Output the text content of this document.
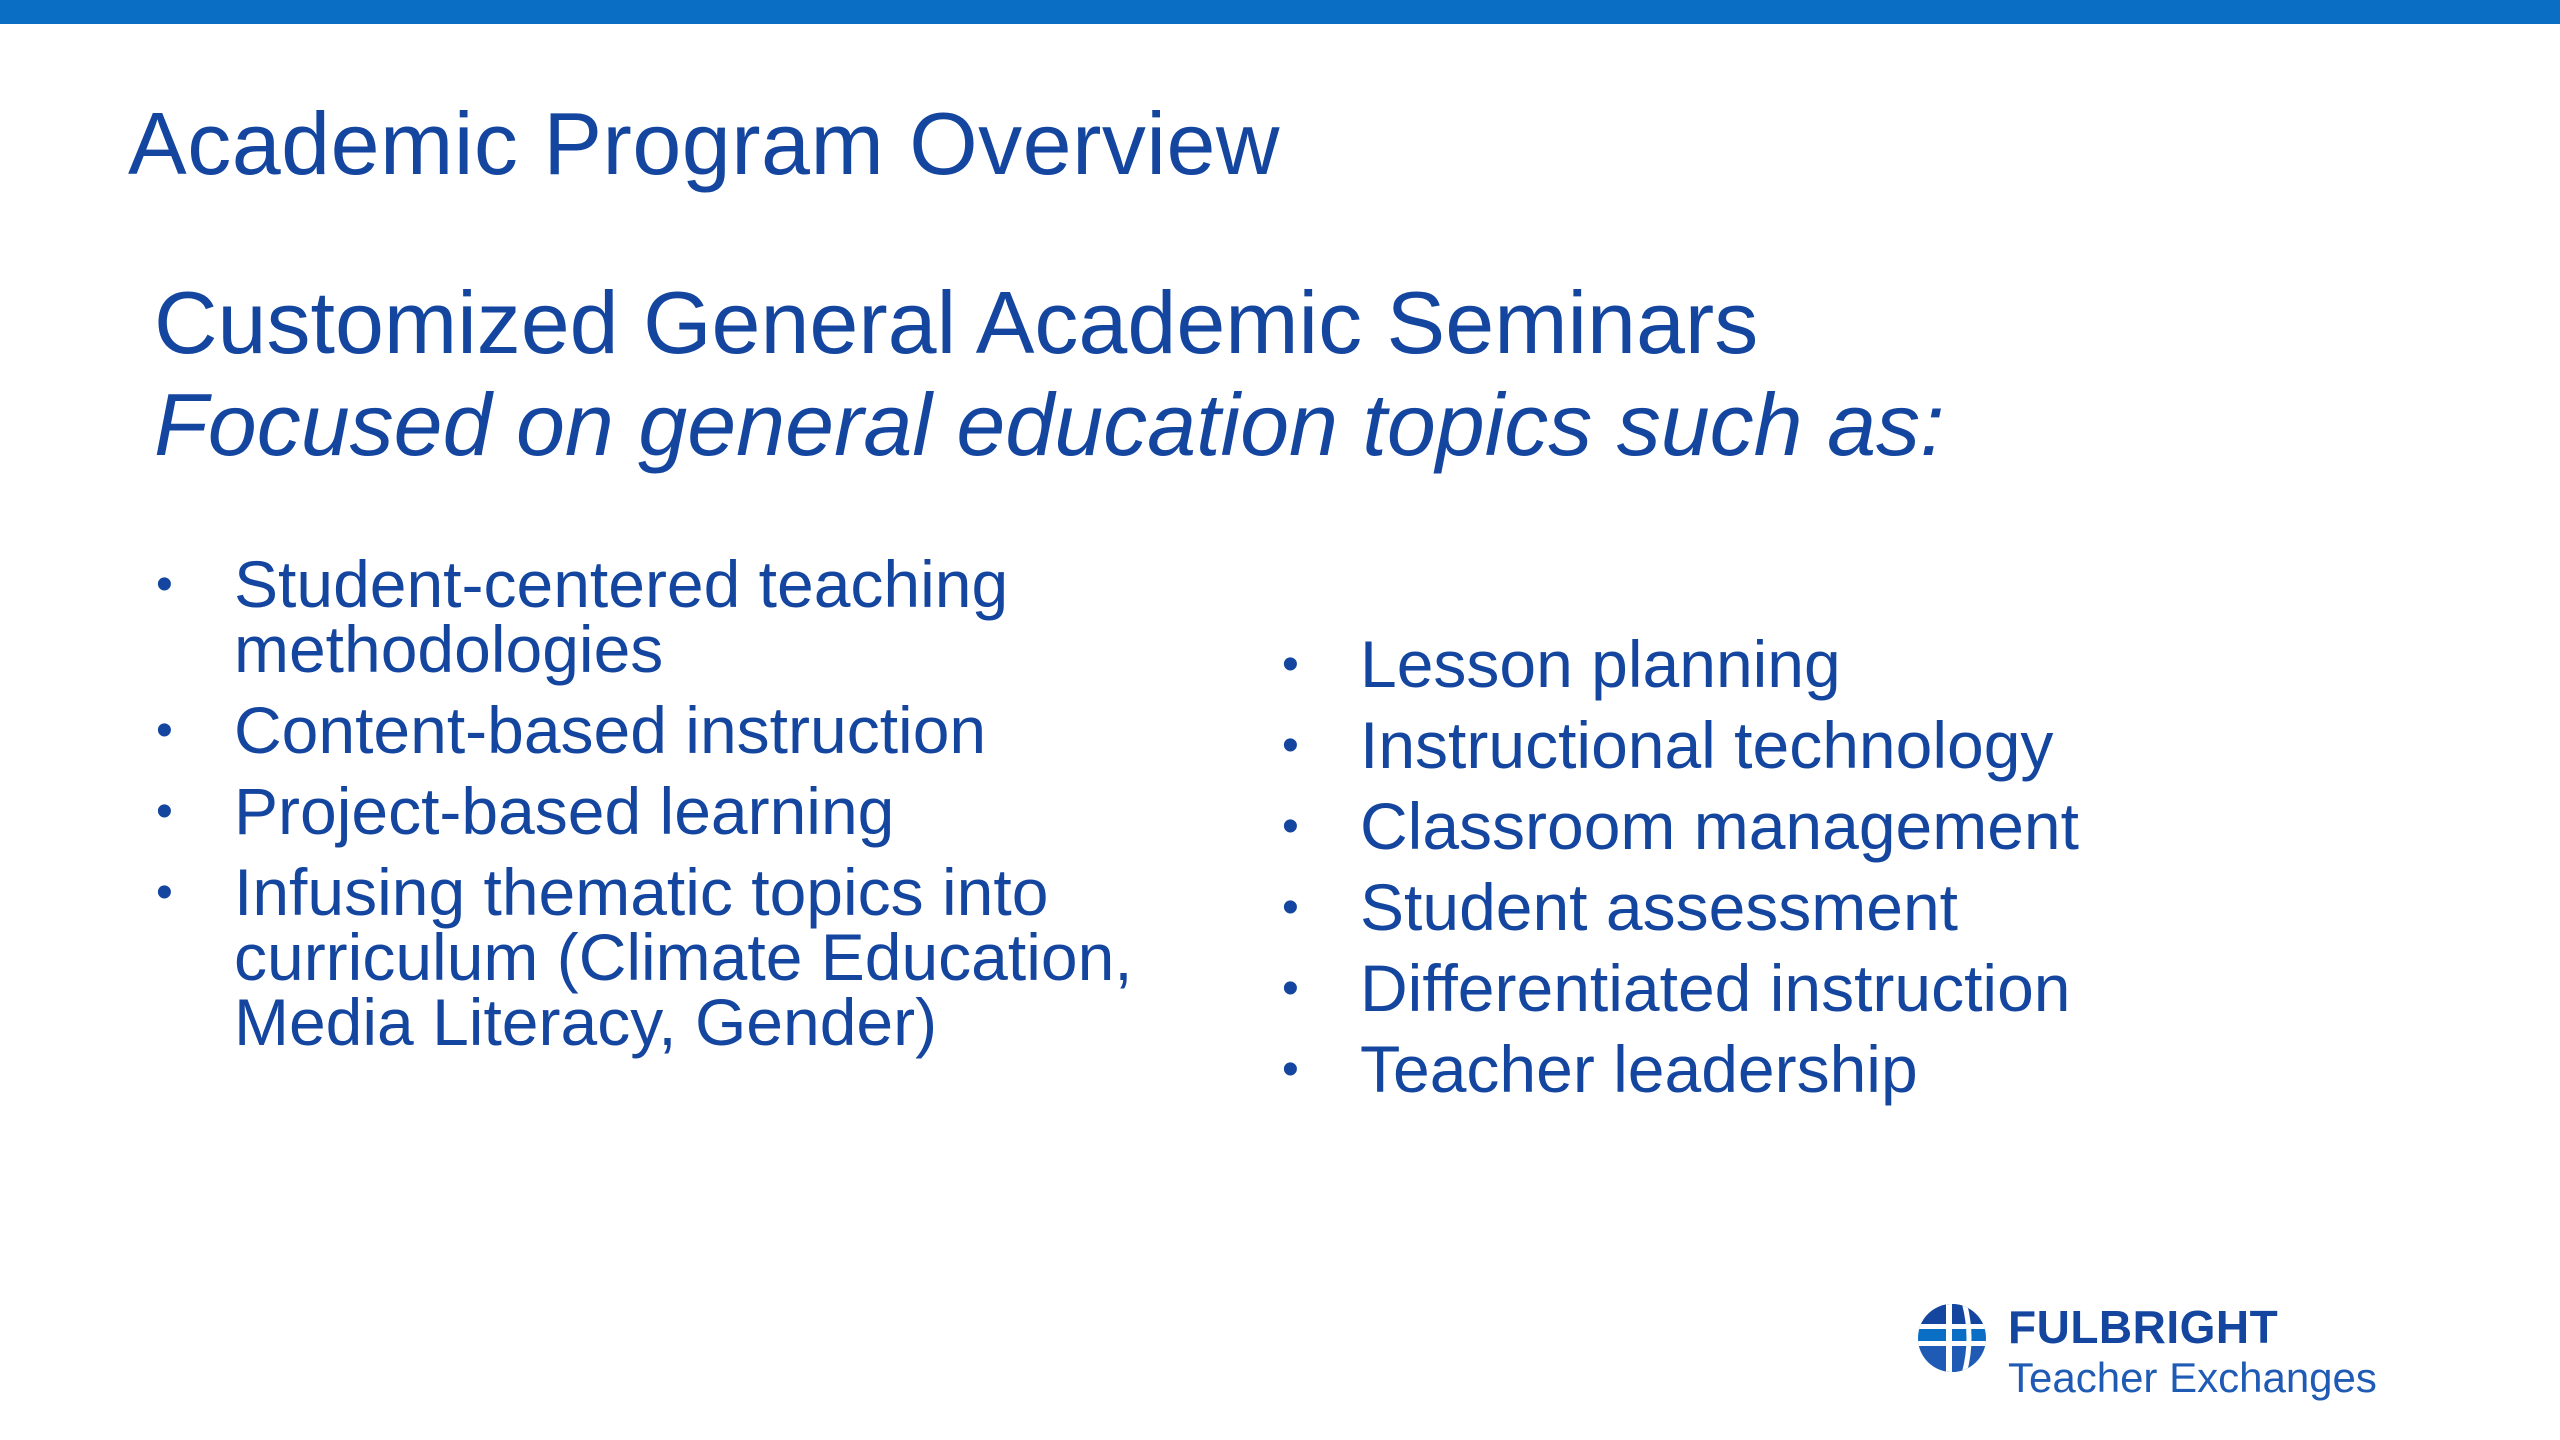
Academic Program Overview
Customized General Academic Seminars
Focused on general education topics such as:
• Student-centered teaching methodologies
• Content-based instruction
• Project-based learning
• Infusing thematic topics into curriculum (Climate Education, Media Literacy, Gender)
• Lesson planning
• Instructional technology
• Classroom management
• Student assessment
• Differentiated instruction
• Teacher leadership
FULBRIGHT
Teacher Exchanges
